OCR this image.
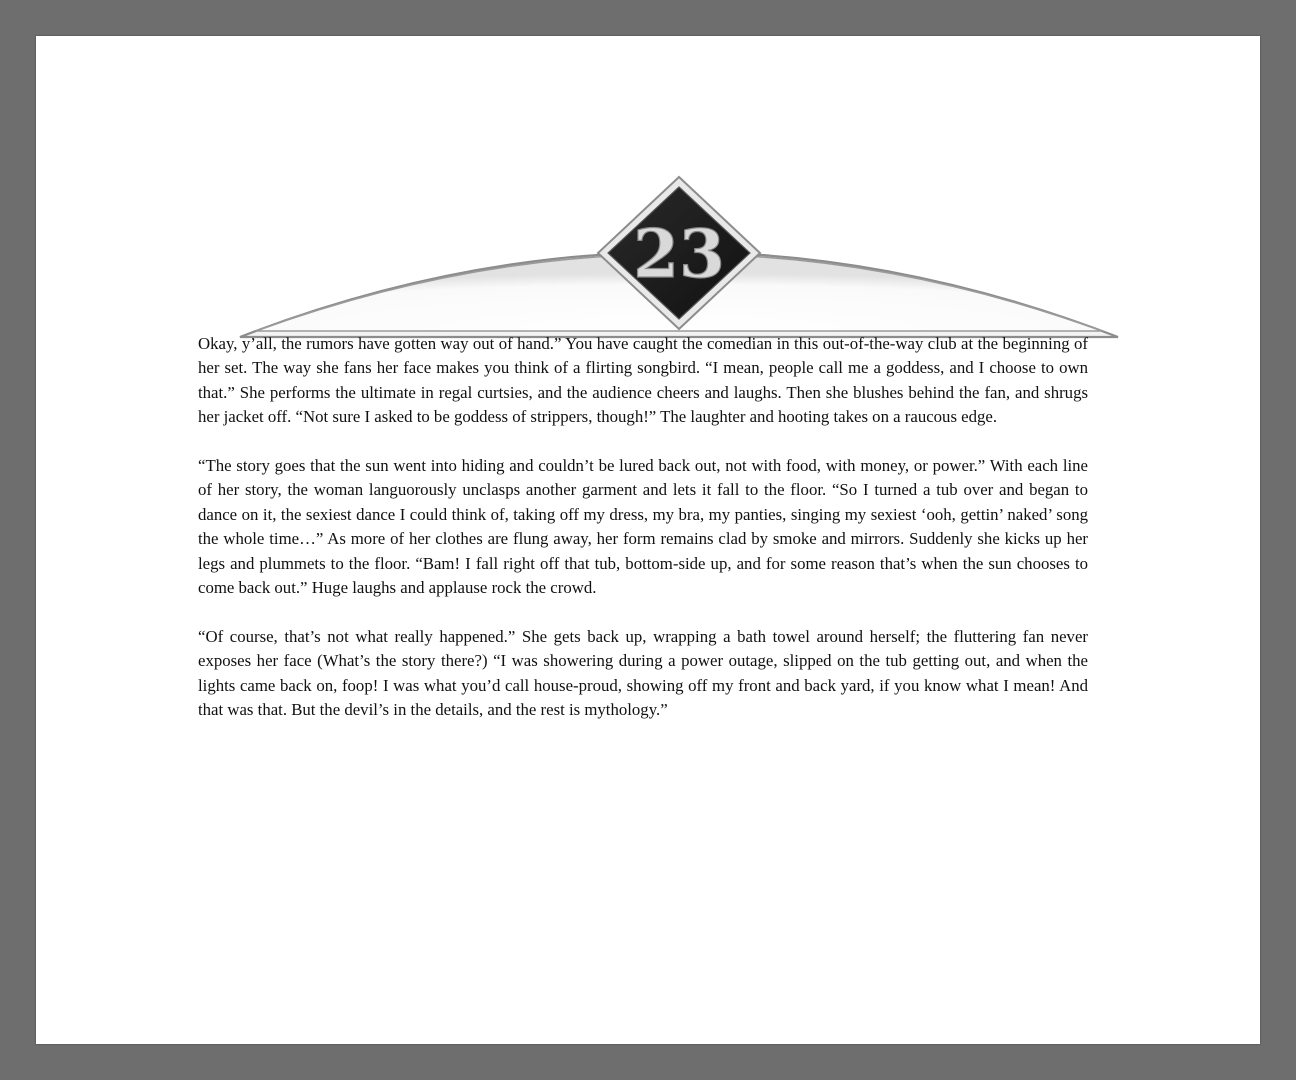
23

Okay, y’all, the rumors have gotten way out of hand.” You have caught the comedian in this out-of-the-way club at the beginning of her set. The way she fans her face makes you think of a flirting songbird. “I mean, people call me a goddess, and I choose to own that.” She performs the ultimate in regal curtsies, and the audience cheers and laughs. Then she blushes behind the fan, and shrugs her jacket off. “Not sure I asked to be goddess of strippers, though!” The laughter and hooting takes on a raucous edge.

“The story goes that the sun went into hiding and couldn’t be lured back out, not with food, with money, or power.” With each line of her story, the woman languorously unclasps another garment and lets it fall to the floor. “So I turned a tub over and began to dance on it, the sexiest dance I could think of, taking off my dress, my bra, my panties, singing my sexiest ‘ooh, gettin’ naked’ song the whole time…” As more of her clothes are flung away, her form remains clad by smoke and mirrors. Suddenly she kicks up her legs and plummets to the floor. “Bam! I fall right off that tub, bottom-side up, and for some reason that’s when the sun chooses to come back out.” Huge laughs and applause rock the crowd.

“Of course, that’s not what really happened.” She gets back up, wrapping a bath towel around herself; the fluttering fan never exposes her face (What’s the story there?) “I was showering during a power outage, slipped on the tub getting out, and when the lights came back on, foop! I was what you’d call house-proud, showing off my front and back yard, if you know what I mean! And that was that. But the devil’s in the details, and the rest is mythology.”
